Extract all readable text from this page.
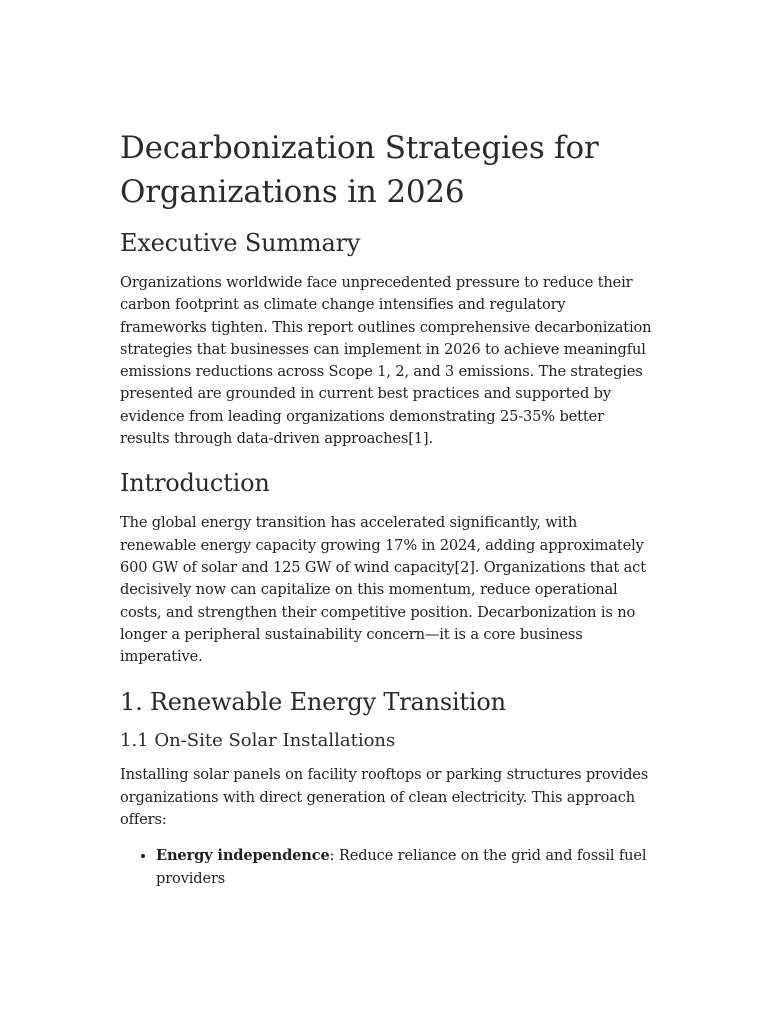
Decarbonization Strategies for Organizations in 2026
Executive Summary

Organizations worldwide face unprecedented pressure to reduce their carbon footprint as climate change intensifies and regulatory frameworks tighten. This report outlines comprehensive decarbonization strategies that businesses can implement in 2026 to achieve meaningful emissions reductions across Scope 1, 2, and 3 emissions. The strategies presented are grounded in current best practices and supported by evidence from leading organizations demonstrating 25-35% better results through data-driven approaches[1].

Introduction

The global energy transition has accelerated significantly, with renewable energy capacity growing 17% in 2024, adding approximately 600 GW of solar and 125 GW of wind capacity[2]. Organizations that act decisively now can capitalize on this momentum, reduce operational costs, and strengthen their competitive position. Decarbonization is no longer a peripheral sustainability concern—it is a core business imperative.

1. Renewable Energy Transition
1.1 On-Site Solar Installations

Installing solar panels on facility rooftops or parking structures provides organizations with direct generation of clean electricity. This approach offers:

• Energy independence: Reduce reliance on the grid and fossil fuel providers
